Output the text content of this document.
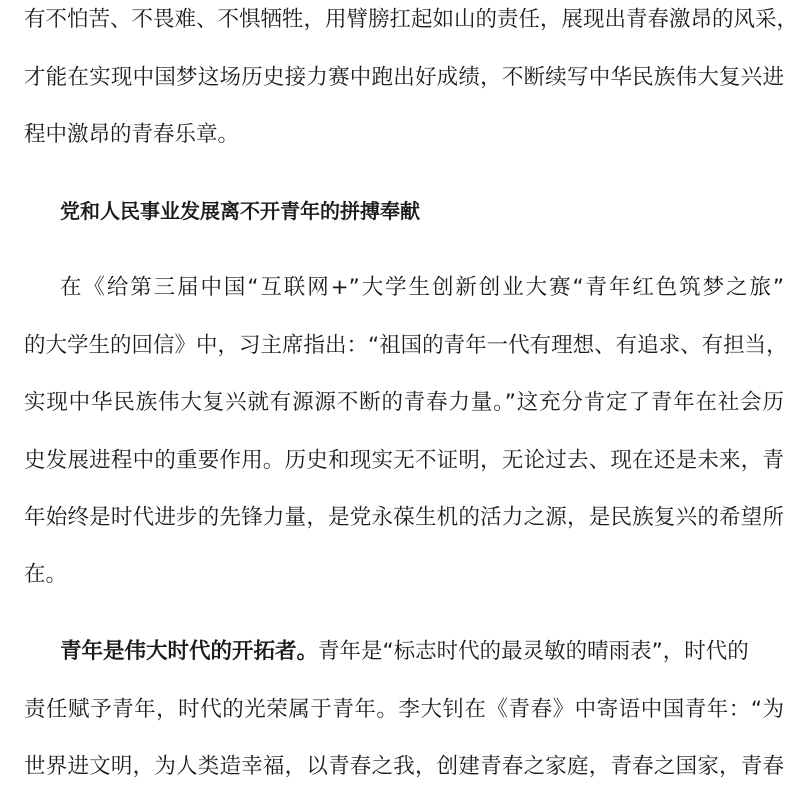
有不怕苦、不畏难、不惧牺牲，用臂膀扛起如山的责任，展现出青春激昂的风采，
才能在实现中国梦这场历史接力赛中跑出好成绩，不断续写中华民族伟大复兴进
程中激昂的青春乐章。
党和人民事业发展离不开青年的拼搏奉献
在《给第三届中国“互联网+”大学生创新创业大赛“青年红色筑梦之旅”
的大学生的回信》中，习主席指出：“祖国的青年一代有理想、有追求、有担当，
实现中华民族伟大复兴就有源源不断的青春力量。”这充分肯定了青年在社会历
史发展进程中的重要作用。历史和现实无不证明，无论过去、现在还是未来，青
年始终是时代进步的先锋力量，是党永葆生机的活力之源，是民族复兴的希望所
在。
青年是伟大时代的开拓者。青年是“标志时代的最灵敏的晴雨表”，时代的
责任赋予青年，时代的光荣属于青年。李大钊在《青春》中寄语中国青年：“为
世界进文明，为人类造幸福，以青春之我，创建青春之家庭，青春之国家，青春
